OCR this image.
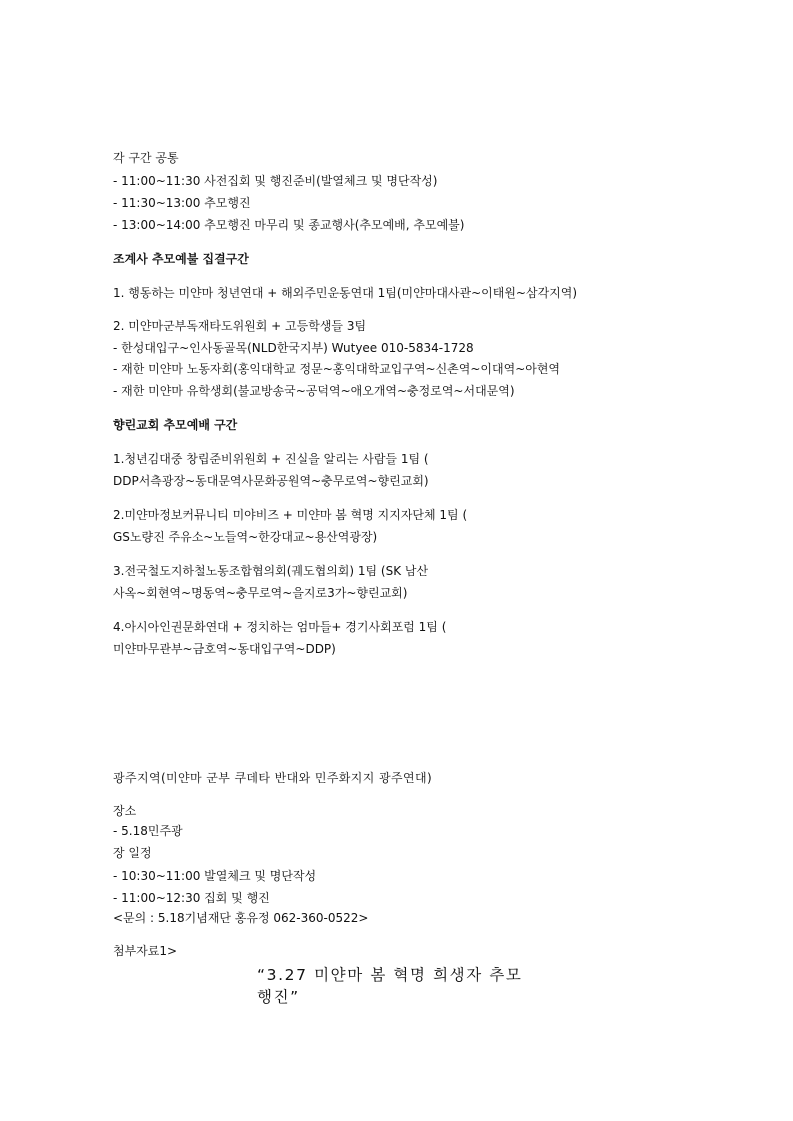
각 구간 공통
- 11:00~11:30 사전집회 및 행진준비(발열체크 및 명단작성)
- 11:30~13:00 추모행진
- 13:00~14:00 추모행진 마무리 및 종교행사(추모예배, 추모예불)
조계사 추모예불 집결구간
1. 행동하는 미얀마 청년연대 + 해외주민운동연대 1팀(미얀마대사관~이태원~삼각지역)
2. 미얀마군부독재타도위원회 + 고등학생들 3팀
- 한성대입구~인사동골목(NLD한국지부) Wutyee 010-5834-1728
- 재한 미얀마 노동자회(홍익대학교 정문~홍익대학교입구역~신촌역~이대역~아현역
- 재한 미얀마 유학생회(불교방송국~공덕역~애오개역~충정로역~서대문역)
향린교회 추모예배 구간
1.청년김대중 창립준비위원회 + 진실을 알리는 사람들 1팀 (
DDP서측광장~동대문역사문화공원역~충무로역~향린교회)
2.미얀마정보커뮤니티 미야비즈 + 미얀마 봄 혁명 지지자단체 1팀 (
GS노량진 주유소~노들역~한강대교~용산역광장)
3.전국철도지하철노동조합협의회(궤도협의회) 1팀 (SK 남산
사옥~회현역~명동역~충무로역~을지로3가~향린교회)
4.아시아인권문화연대 + 정치하는 엄마들+ 경기사회포럼 1팀 (
미얀마무관부~금호역~동대입구역~DDP)
광주지역(미얀마 군부 쿠데타 반대와 민주화지지 광주연대)
장소
- 5.18민주광
장 일정
- 10:30~11:00 발열체크 및 명단작성
- 11:00~12:30 집회 및 행진
<문의 : 5.18기념재단 홍유정 062-360-0522>
첨부자료1>
“3.27 미얀마 봄 혁명 희생자 추모
행진”
